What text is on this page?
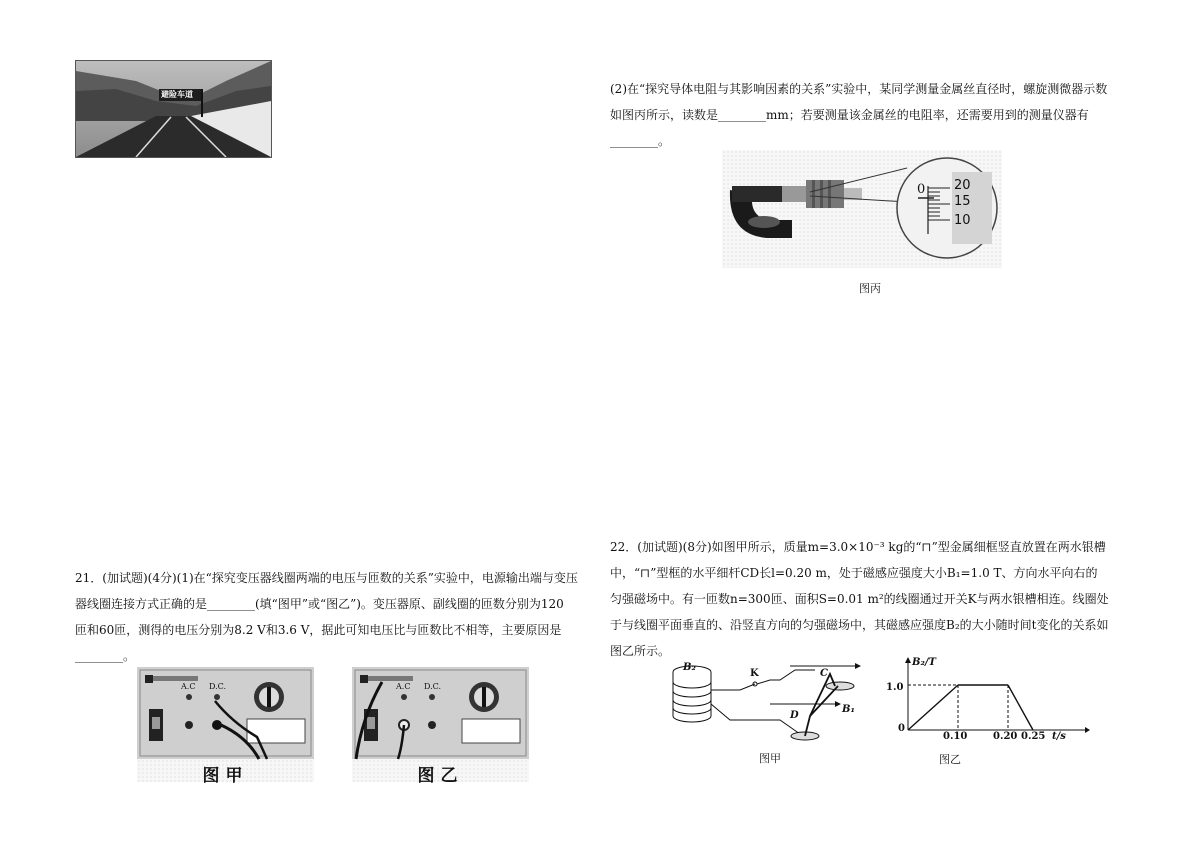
避险车道	(2)在“探究导体电阻与其影响因素的关系”实验中，某同学测量金属丝直径时，螺旋测微器示数
如图丙所示，读数是________mm；若要测量该金属丝的电阻率，还需要用到的测量仪器有
________。
0 20
15
10
图丙
21．(加试题)(4分)(1)在“探究变压器线圈两端的电压与匝数的关系”实验中，电源输出端与变压
器线圈连接方式正确的是________(填“图甲”或“图乙”)。变压器原、副线圈的匝数分别为120
匝和60匝，测得的电压分别为8.2 V和3.6 V，据此可知电压比与匝数比不相等，主要原因是
________。
A.C D.C.
图甲
A.C D.C.
图乙
22．(加试题)(8分)如图甲所示，质量m=3.0×10⁻³ kg的“⊓”型金属细框竖直放置在两水银槽
中，“⊓”型框的水平细杆CD长l=0.20 m，处于磁感应强度大小B₁=1.0 T、方向水平向右的
匀强磁场中。有一匝数n=300匝、面积S=0.01 m²的线圈通过开关K与两水银槽相连。线圈处
于与线圈平面垂直的、沿竖直方向的匀强磁场中，其磁感应强度B₂的大小随时间t变化的关系如
图乙所示。
B₂
K	C
D
B₁
图甲
B₂/T
1.0
0
0.10	0.20 0.25 t/s
图乙
